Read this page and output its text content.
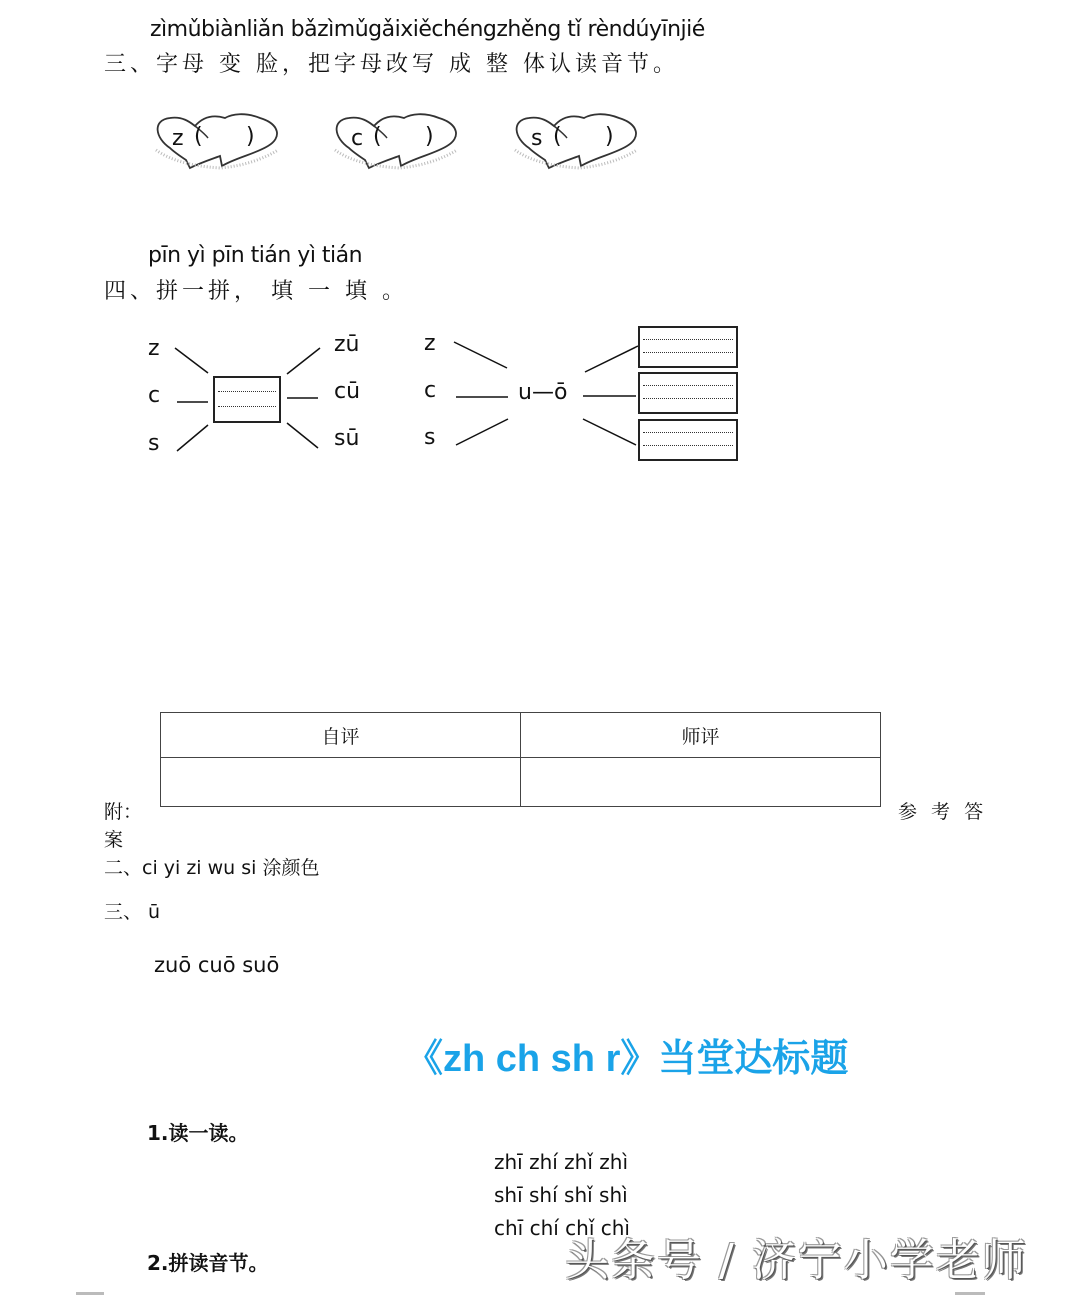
zìmǔbiànliǎn bǎzìmǔgǎixiěchéngzhěng tǐ rèndúyīnjié
三、字母 变 脸，把字母改写 成 整 体认读音节。
z ( )	c ( )	s ( )
pīn yì pīn tián yì tián
四、拼一拼， 填 一 填 。
z
c
s
zū
cū
sū
z
c
s
u—ō
自评	师评

附：	参 考 答
案
二、ci yi zi wu si 涂颜色
三、 ū
zuō cuō suō
《zh ch sh r》当堂达标题
1.读一读。
zhī zhí zhǐ zhì
shī shí shǐ shì
chī chí chǐ chì
2.拼读音节。	头条号 / 济宁小学老师
